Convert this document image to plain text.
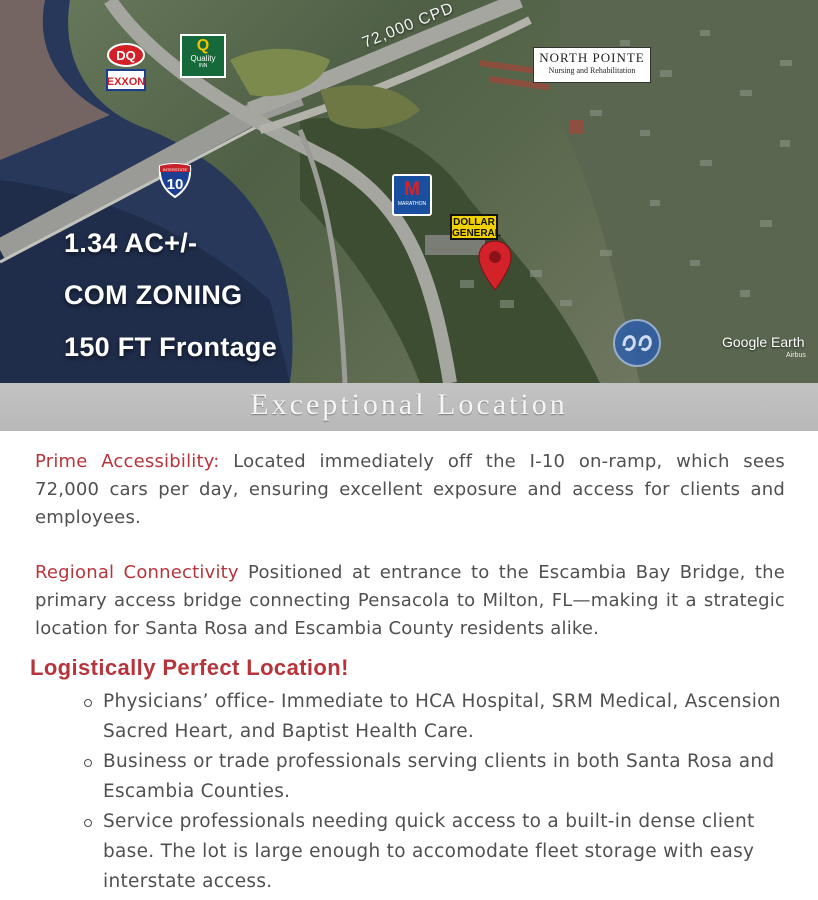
72,000 CPD
DQ
EXXON
Q
Quality
INN
NORTH POINTE
Nursing and Rehabilitation
INTERSTATE
10	M
MARATHON
DOLLAR GENERAL
1.34 AC+/-
COM ZONING
150 FT Frontage	Google Earth
Airbus
Exceptional Location
Prime Accessibility: Located immediately off the I-10 on-ramp, which sees 72,000 cars per day, ensuring excellent exposure and access for clients and employees.
Regional Connectivity Positioned at entrance to the Escambia Bay Bridge, the primary access bridge connecting Pensacola to Milton, FL—making it a strategic location for Santa Rosa and Escambia County residents alike.
Logistically Perfect Location!
Physicians’ office- Immediate to HCA Hospital, SRM Medical, Ascension Sacred Heart, and Baptist Health Care.
Business or trade professionals serving clients in both Santa Rosa and Escambia Counties.
Service professionals needing quick access to a built-in dense client base. The lot is large enough to accomodate fleet storage with easy interstate access.
